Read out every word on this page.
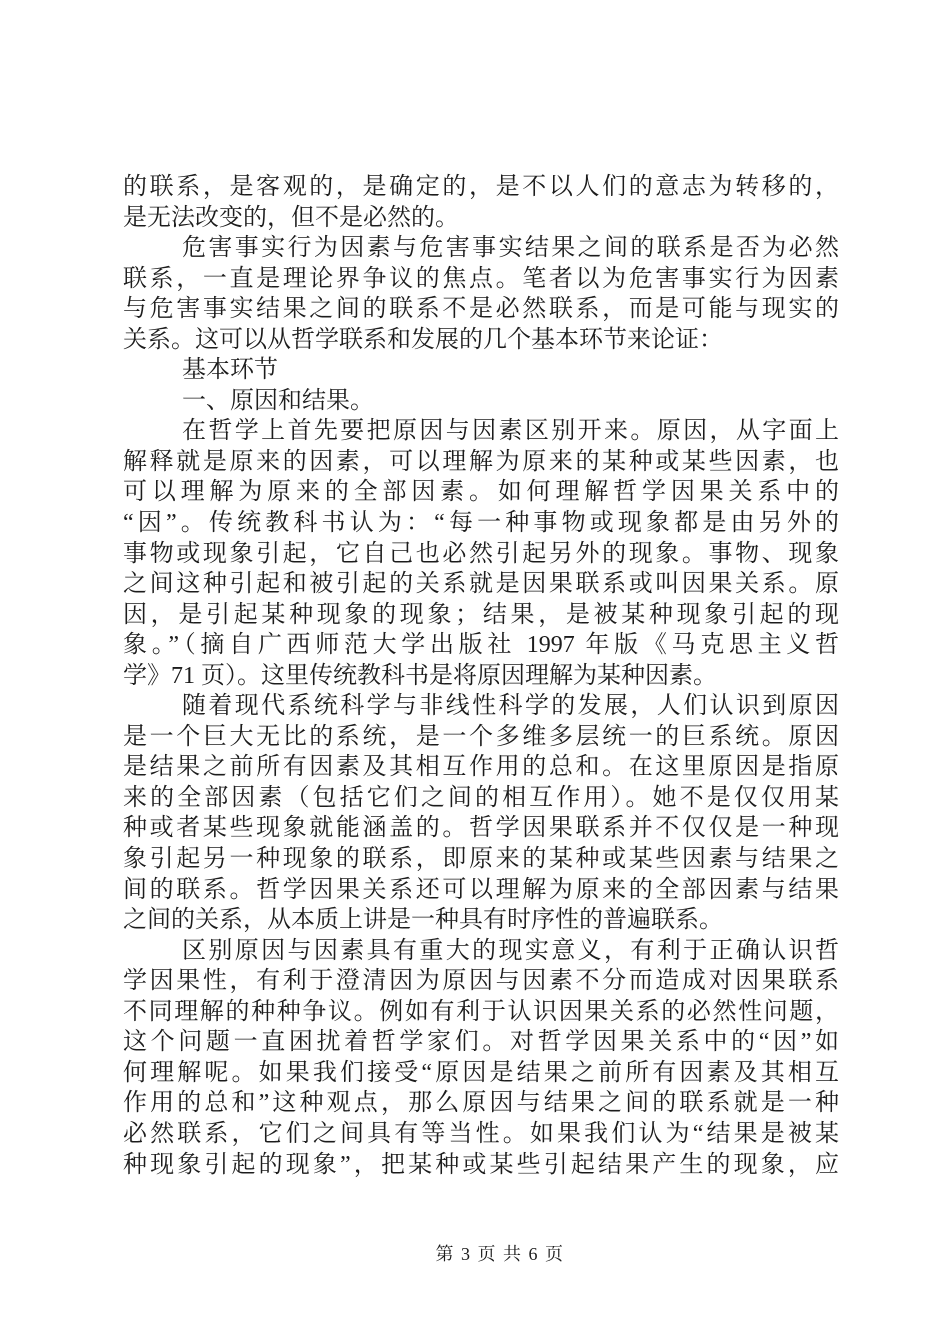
的联系，是客观的，是确定的，是不以人们的意志为转移的，
是无法改变的，但不是必然的。
危害事实行为因素与危害事实结果之间的联系是否为必然
联系，一直是理论界争议的焦点。笔者以为危害事实行为因素
与危害事实结果之间的联系不是必然联系，而是可能与现实的
关系。这可以从哲学联系和发展的几个基本环节来论证：
基本环节
一、原因和结果。
在哲学上首先要把原因与因素区别开来。原因，从字面上
解释就是原来的因素，可以理解为原来的某种或某些因素，也
可以理解为原来的全部因素。如何理解哲学因果关系中的
“因”。传统教科书认为：“每一种事物或现象都是由另外的
事物或现象引起，它自己也必然引起另外的现象。事物、现象
之间这种引起和被引起的关系就是因果联系或叫因果关系。原
因，是引起某种现象的现象；结果，是被某种现象引起的现
象。”（摘自广西师范大学出版社 1997 年版《马克思主义哲
学》71 页）。这里传统教科书是将原因理解为某种因素。
随着现代系统科学与非线性科学的发展，人们认识到原因
是一个巨大无比的系统，是一个多维多层统一的巨系统。原因
是结果之前所有因素及其相互作用的总和。在这里原因是指原
来的全部因素（包括它们之间的相互作用）。她不是仅仅用某
种或者某些现象就能涵盖的。哲学因果联系并不仅仅是一种现
象引起另一种现象的联系，即原来的某种或某些因素与结果之
间的联系。哲学因果关系还可以理解为原来的全部因素与结果
之间的关系，从本质上讲是一种具有时序性的普遍联系。
区别原因与因素具有重大的现实意义，有利于正确认识哲
学因果性，有利于澄清因为原因与因素不分而造成对因果联系
不同理解的种种争议。例如有利于认识因果关系的必然性问题，
这个问题一直困扰着哲学家们。对哲学因果关系中的“因”如
何理解呢。如果我们接受“原因是结果之前所有因素及其相互
作用的总和”这种观点，那么原因与结果之间的联系就是一种
必然联系，它们之间具有等当性。如果我们认为“结果是被某
种现象引起的现象”，把某种或某些引起结果产生的现象，应
第 3 页 共 6 页
